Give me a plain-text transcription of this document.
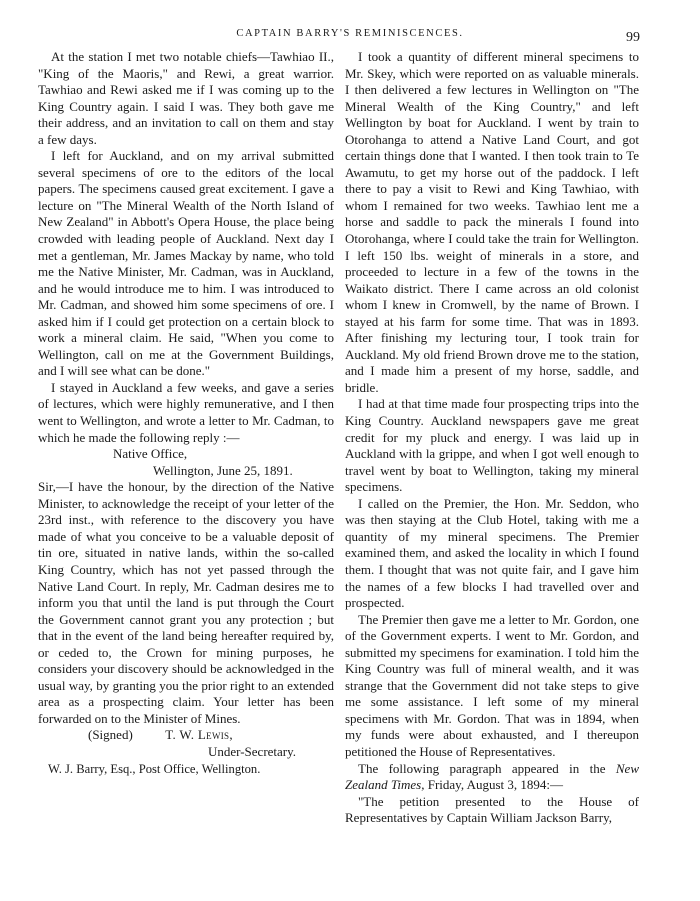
CAPTAIN BARRY'S REMINISCENCES.	99

At the station I met two notable chiefs—Tawhiao II., "King of the Maoris," and Rewi, a great warrior. Tawhiao and Rewi asked me if I was coming up to the King Country again. I said I was. They both gave me their address, and an invitation to call on them and stay a few days.

I left for Auckland, and on my arrival submitted several specimens of ore to the editors of the local papers. The specimens caused great excitement. I gave a lecture on "The Mineral Wealth of the North Island of New Zealand" in Abbott's Opera House, the place being crowded with leading people of Auckland. Next day I met a gentleman, Mr. James Mackay by name, who told me the Native Minister, Mr. Cadman, was in Auckland, and he would introduce me to him. I was introduced to Mr. Cadman, and showed him some specimens of ore. I asked him if I could get protection on a certain block to work a mineral claim. He said, "When you come to Wellington, call on me at the Government Buildings, and I will see what can be done."

I stayed in Auckland a few weeks, and gave a series of lectures, which were highly remunerative, and I then went to Wellington, and wrote a letter to Mr. Cadman, to which he made the following reply :—

Native Office,
Wellington, June 25, 1891.
Sir,—I have the honour, by the direction of the Native Minister, to acknowledge the receipt of your letter of the 23rd inst., with reference to the discovery you have made of what you conceive to be a valuable deposit of tin ore, situated in native lands, within the so-called King Country, which has not yet passed through the Native Land Court. In reply, Mr. Cadman desires me to inform you that until the land is put through the Court the Government cannot grant you any protection ; but that in the event of the land being hereafter required by, or ceded to, the Crown for mining purposes, he considers your discovery should be acknowledged in the usual way, by granting you the prior right to an extended area as a prospecting claim. Your letter has been forwarded on to the Minister of Mines.
(Signed)	T. W. Lewis,
Under-Secretary.
W. J. Barry, Esq., Post Office, Wellington.

I took a quantity of different mineral specimens to Mr. Skey, which were reported on as valuable minerals. I then delivered a few lectures in Wellington on "The Mineral Wealth of the King Country," and left Wellington by boat for Auckland. I went by train to Otorohanga to attend a Native Land Court, and got certain things done that I wanted. I then took train to Te Awamutu, to get my horse out of the paddock. I left there to pay a visit to Rewi and King Tawhiao, with whom I remained for two weeks. Tawhiao lent me a horse and saddle to pack the minerals I found into Otorohanga, where I could take the train for Wellington. I left 150 lbs. weight of minerals in a store, and proceeded to lecture in a few of the towns in the Waikato district. There I came across an old colonist whom I knew in Cromwell, by the name of Brown. I stayed at his farm for some time. That was in 1893. After finishing my lecturing tour, I took train for Auckland. My old friend Brown drove me to the station, and I made him a present of my horse, saddle, and bridle.

I had at that time made four prospecting trips into the King Country. Auckland newspapers gave me great credit for my pluck and energy. I was laid up in Auckland with la grippe, and when I got well enough to travel went by boat to Wellington, taking my mineral specimens.

I called on the Premier, the Hon. Mr. Seddon, who was then staying at the Club Hotel, taking with me a quantity of my mineral specimens. The Premier examined them, and asked the locality in which I found them. I thought that was not quite fair, and I gave him the names of a few blocks I had travelled over and prospected.

The Premier then gave me a letter to Mr. Gordon, one of the Government experts. I went to Mr. Gordon, and submitted my specimens for examination. I told him the King Country was full of mineral wealth, and it was strange that the Government did not take steps to give me some assistance. I left some of my mineral specimens with Mr. Gordon. That was in 1894, when my funds were about exhausted, and I thereupon petitioned the House of Representatives.

The following paragraph appeared in the New Zealand Times, Friday, August 3, 1894:—

"The petition presented to the House of Representatives by Captain William Jackson Barry,
